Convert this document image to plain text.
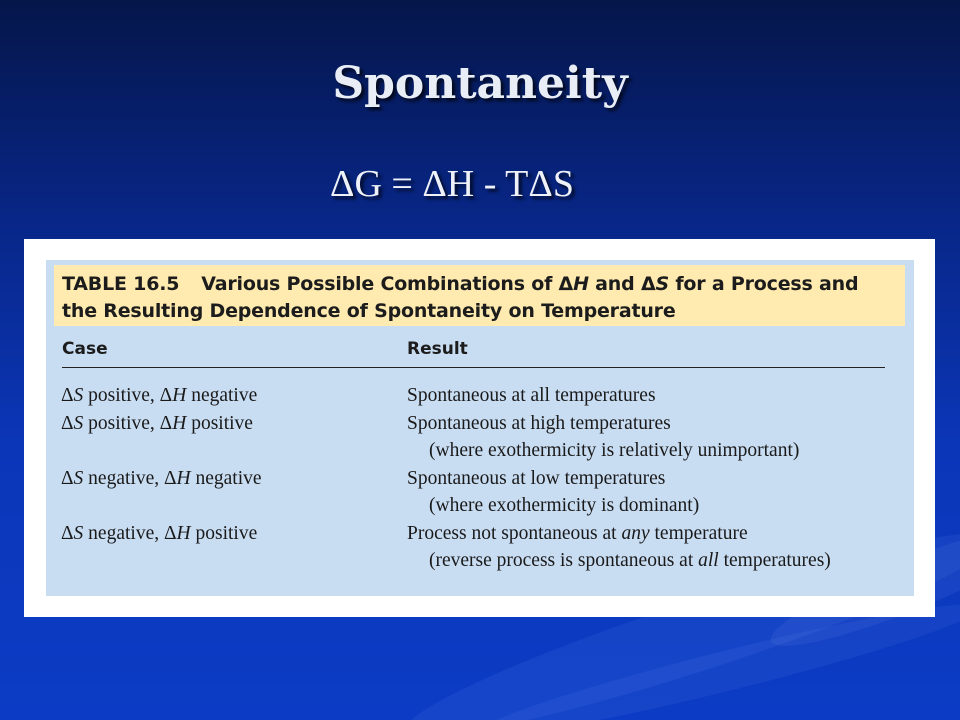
Spontaneity
ΔG = ΔH - TΔS
TABLE 16.5 Various Possible Combinations of ΔH and ΔS for a Process and the Resulting Dependence of Spontaneity on Temperature
Case	Result
ΔS positive, ΔH negative	Spontaneous at all temperatures
ΔS positive, ΔH positive	Spontaneous at high temperatures
(where exothermicity is relatively unimportant)
ΔS negative, ΔH negative	Spontaneous at low temperatures
(where exothermicity is dominant)
ΔS negative, ΔH positive	Process not spontaneous at any temperature
(reverse process is spontaneous at all temperatures)
